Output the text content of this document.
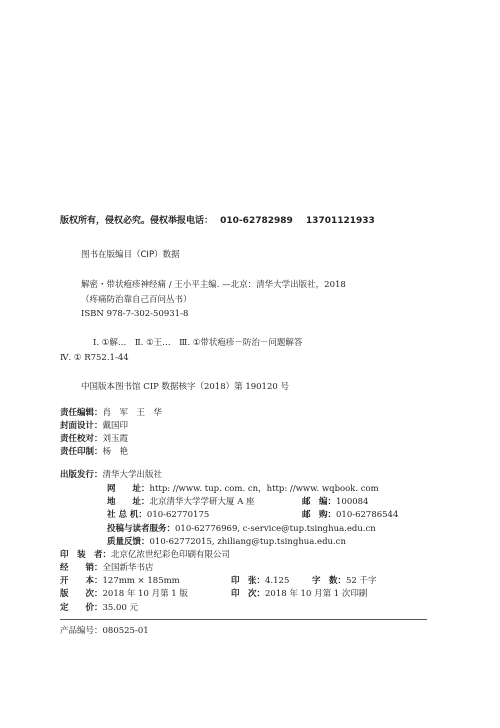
版权所有，侵权必究。侵权举报电话： 010-62782989 13701121933
图书在版编目（CIP）数据
解密・带状疱疹神经痛 / 王小平主编. —北京：清华大学出版社，2018
（疼痛防治靠自己百问丛书）
ISBN 978-7-302-50931-8
Ⅰ. ①解…　Ⅱ. ①王…　Ⅲ. ①带状疱疹－防治－问题解答
Ⅳ. ① R752.1-44
中国版本图书馆 CIP 数据核字（2018）第 190120 号
责任编辑：肖　军　王　华
封面设计：戴国印
责任校对：刘玉霞
责任印制：杨　艳
出版发行：清华大学出版社
网　　址：http: //www. tup. com. cn，http: //www. wqbook. com
地　　址：北京清华大学学研大厦 A 座	邮　编：100084
社 总 机：010-62770175	邮　购：010-62786544
投稿与读者服务：010-62776969, c-service@tup.tsinghua.edu.cn
质量反馈：010-62772015, zhiliang@tup.tsinghua.edu.cn
印　装　者：北京亿浓世纪彩色印刷有限公司
经　　销：全国新华书店
开　　本：127mm × 185mm	印　张：4.125	字　数：52 千字
版　　次：2018 年 10 月第 1 版	印　次：2018 年 10 月第 1 次印刷
定　　价：35.00 元
产品编号：080525-01
